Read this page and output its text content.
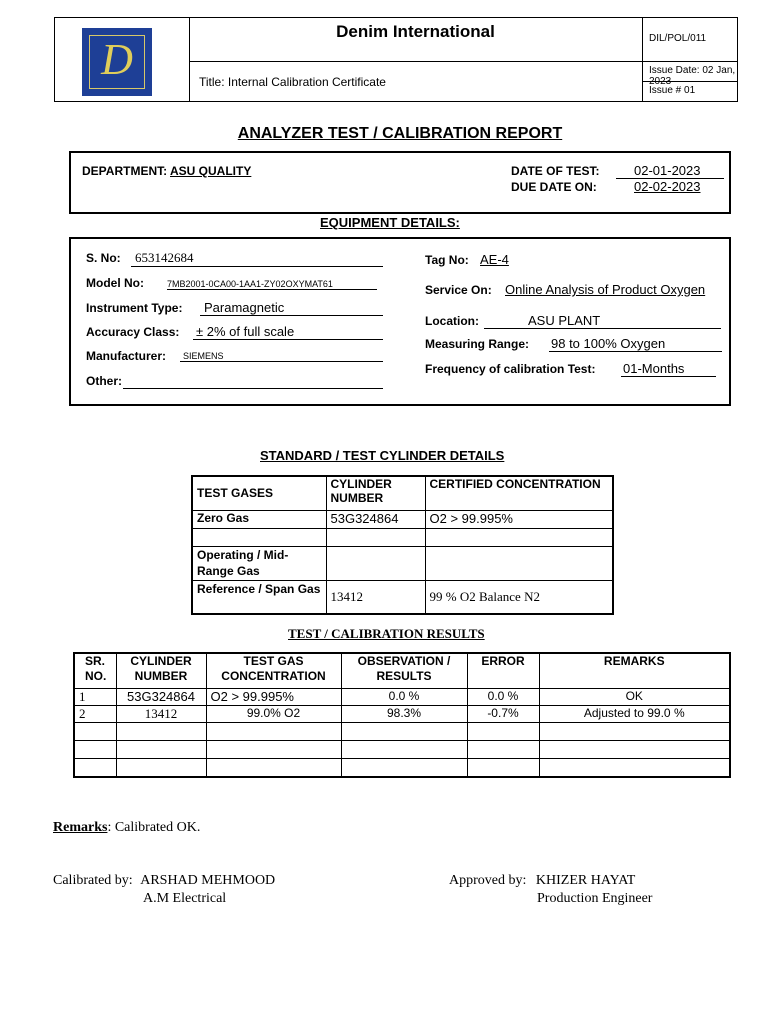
D
Denim International
Title: Internal Calibration Certificate
DIL/POL/011
Issue Date: 02 Jan, 2023
Issue # 01
ANALYZER TEST / CALIBRATION REPORT
DEPARTMENT: ASU QUALITY	DATE OF TEST:	02-01-2023
DUE DATE ON:	02-02-2023
EQUIPMENT DETAILS:
S. No:	653142684
Model No:	7MB2001-0CA00-1AA1-ZY02OXYMAT61
Instrument Type:	Paramagnetic
Accuracy Class: ± 2% of full scale
Manufacturer:	SIEMENS
Other:
Tag No: AE-4
Service On: Online Analysis of Product Oxygen
Location:	ASU PLANT
Measuring Range: 98 to 100% Oxygen
Frequency of calibration Test: 01-Months
STANDARD / TEST CYLINDER DETAILS
TEST GASES	CYLINDER NUMBER	CERTIFIED CONCENTRATION
Zero Gas	53G324864	O2 > 99.995%

Operating / Mid-Range Gas		
Reference / Span Gas	13412	99 % O2 Balance N2
TEST / CALIBRATION RESULTS
SR. NO.	CYLINDER NUMBER	TEST GAS CONCENTRATION	OBSERVATION / RESULTS	ERROR	REMARKS
1	53G324864	O2 > 99.995%	0.0 %	0.0 %	OK
2	13412	99.0% O2	98.3%	-0.7%	Adjusted to 99.0 %

Remarks: Calibrated OK.
Calibrated by: ARSHAD MEHMOOD
A.M Electrical
Approved by: KHIZER HAYAT
Production Engineer
